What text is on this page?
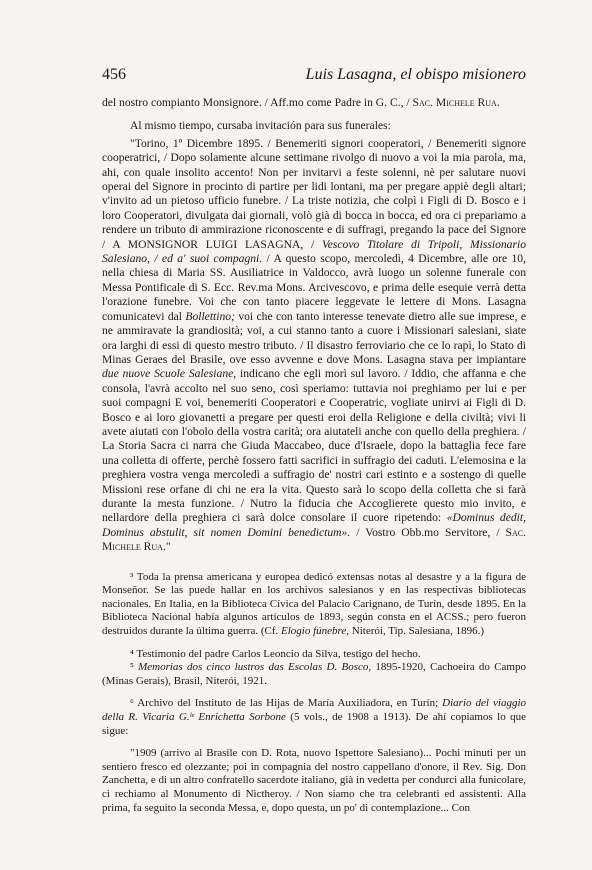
456	Luis Lasagna, el obispo misionero

del nostro compianto Monsignore. / Aff.mo come Padre in G. C., / Sac. Michele Rua.

Al mismo tiempo, cursaba invitación para sus funerales:

"Torino, 1º Dicembre 1895. / Benemeriti signori cooperatori, / Benemeriti signore cooperatrici, / Dopo solamente alcune settimane rivolgo di nuovo a voi la mia parola, ma, ahi, con quale insolito accento! Non per invitarvi a feste solenni, nè per salutare nuovi operai del Signore in procinto di partire per lidi lontani, ma per pregare appiè degli altari; v'invito ad un pietoso ufficio funebre. / La triste notizia, che colpì i Figli di D. Bosco e i loro Cooperatori, divulgata dai giornali, volò già di bocca in bocca, ed ora ci prepariamo a rendere un tributo di ammirazione riconoscente e di suffragi, pregando la pace del Signore / A MONSIGNOR LUIGI LASAGNA, / Vescovo Titolare di Tripoli, Missionario Salesiano, / ed a' suoi compagni. / A questo scopo, mercoledì, 4 Dicembre, alle ore 10, nella chiesa di Maria SS. Ausiliatrice in Valdocco, avrà luogo un solenne funerale con Messa Pontificale di S. Ecc. Rev.ma Mons. Arcivescovo, e prima delle esequie verrà detta l'orazione funebre. Voi che con tanto piacere leggevate le lettere di Mons. Lasagna comunicatevi dal Bollettino; voi che con tanto interesse tenevate dietro alle sue imprese, e ne ammiravate la grandiosità; voi, a cui stanno tanto a cuore i Missionari salesiani, siate ora larghi di essi di questo mestro tributo. / Il disastro ferroviario che ce lo rapì, lo Stato di Minas Geraes del Brasile, ove esso avvenne e dove Mons. Lasagna stava per impiantare due nuove Scuole Salesiane, indicano che egli morì sul lavoro. / Iddio, che affanna e che consola, l'avrà accolto nel suo seno, così speriamo: tuttavia noi preghiamo per lui e per suoi compagni E voi, benemeriti Cooperatori e Cooperatric, vogliate unirvi ai Figli di D. Bosco e ai loro giovanetti a pregare per questi eroi della Religione e della civiltà; vivi li avete aiutati con l'obolo della vostra carità; ora aiutateli anche con quello della preghiera. / La Storia Sacra ci narra che Giuda Maccabeo, duce d'Israele, dopo la battaglia fece fare una colletta di offerte, perchè fossero fatti sacrifici in suffragio dei caduti. L'elemosina e la preghiera vostra venga mercoledì a suffragio de' nostri cari estinto e a sostengo di quelle Missioni rese orfane di chi ne era la vita. Questo sarà lo scopo della colletta che si farà durante la mesta funzione. / Nutro la fiducia che Accoglierete questo mio invito, e nellardore della preghiera ci sarà dolce consolare il cuore ripetendo: «Dominus dedit, Dominus abstulit, sit nomen Domini benedictum». / Vostro Obb.mo Servitore, / Sac. Michele Rua."

³ Toda la prensa americana y europea dedicó extensas notas al desastre y a la figura de Monseñor. Se las puede hallar en los archivos salesianos y en las respectivas bibliotecas nacionales. En Italia, en la Biblioteca Cívica del Palacio Carignano, de Turín, desde 1895. En la Biblioteca Nacional había algunos artículos de 1893, según consta en el ACSS.; pero fueron destruidos durante la última guerra. (Cf. Elogio fúnebre, Niterói, Tip. Salesiana, 1896.)

⁴ Testimonio del padre Carlos Leoncio da Silva, testigo del hecho.

⁵ Memorias dos cinco lustros das Escolas D. Bosco, 1895-1920, Cachoeira do Campo (Minas Gerais), Brasil, Niterói, 1921.

⁶ Archivo del Instituto de las Hijas de María Auxiliadora, en Turín; Diario del viaggio della R. Vicaria G.ˡᵉ Enrichetta Sorbone (5 vols., de 1908 a 1913). De ahí copiamos lo que sigue:

"1909 (arrivo al Brasile con D. Rota, nuovo Ispettore Salesiano)... Pochi minuti per un sentiero fresco ed olezzante; poi in compagnia del nostro cappellano d'onore, il Rev. Sig. Don Zanchetta, e di un altro confratello sacerdote italiano, già in vedetta per condurci alla funicolare, ci rechiamo al Monumento di Nictheroy. / Non siamo che tra celebranti ed assistenti. Alla prima, fa seguito la seconda Messa, e, dopo questa, un po' di contemplazione... Con
